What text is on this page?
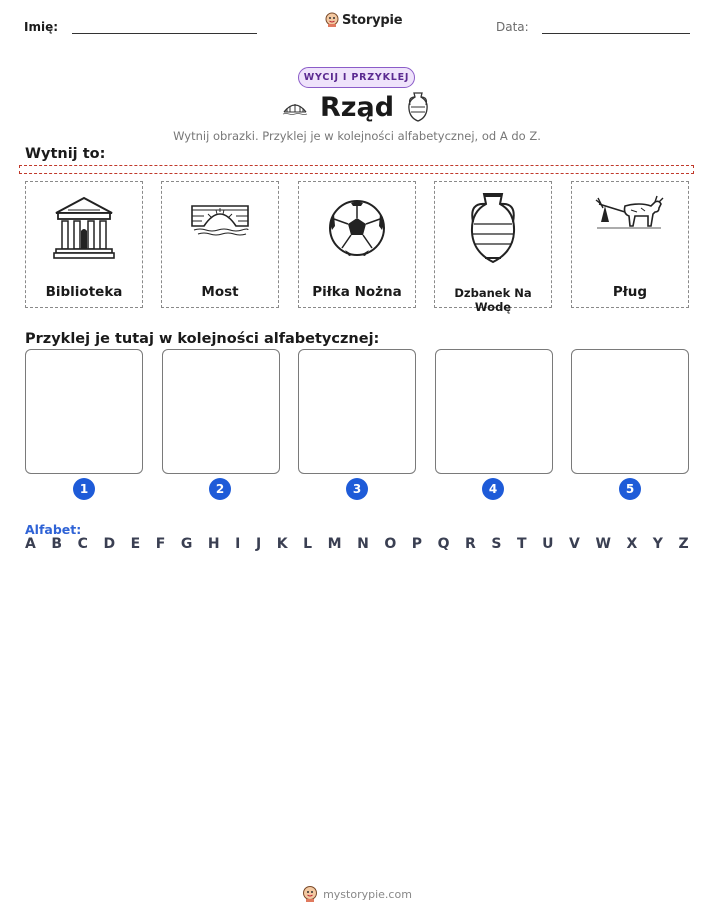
Imię:	Storypie	Data:
WYCIJ I PRZYKLEJ
Rząd
Wytnij obrazki. Przyklej je w kolejności alfabetycznej, od A do Z.
Wytnij to:
Biblioteka	Most	Piłka Nożna	Dzbanek Na Wodę
Pług
Przyklej je tutaj w kolejności alfabetycznej:
1	2	3	4	5
Alfabet:
A B C D E F G H I J K L M N O P Q R S T U V W X Y Z
mystorypie.com
